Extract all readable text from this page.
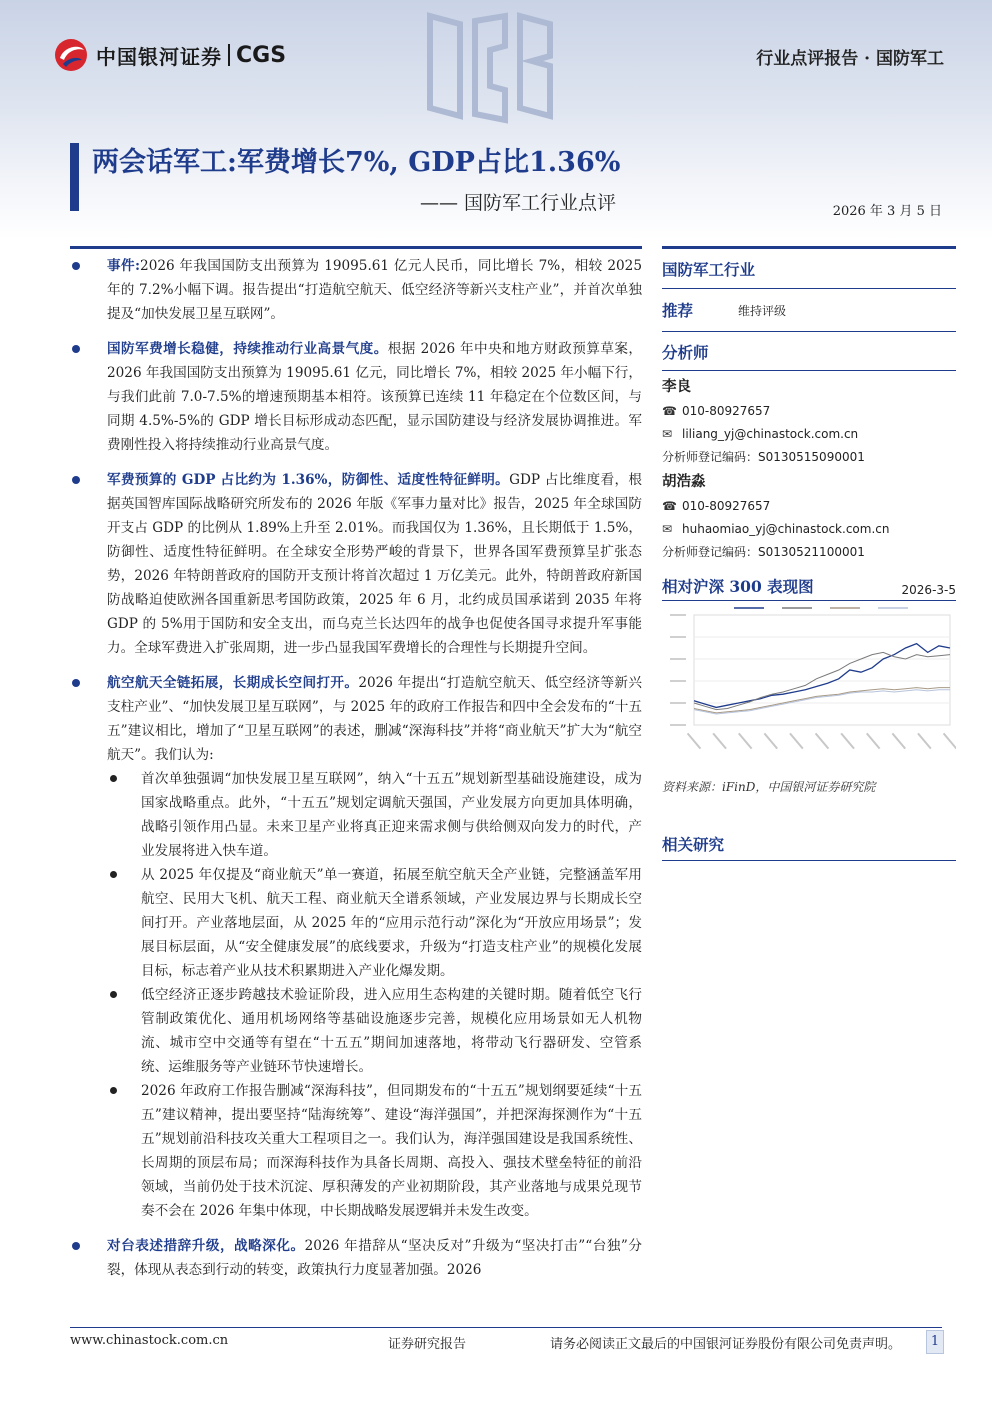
中国银河证券 CGS	行业点评报告 · 国防军工
两会话军工:军费增长7%, GDP占比1.36%
—— 国防军工行业点评	2026 年 3 月 5 日
事件:2026 年我国国防支出预算为 19095.61 亿元人民币，同比增长 7%，相较 2025 年的 7.2%小幅下调。报告提出“打造航空航天、低空经济等新兴支柱产业”，并首次单独提及“加快发展卫星互联网”。
国防军费增长稳健，持续推动行业高景气度。根据 2026 年中央和地方财政预算草案，2026 年我国国防支出预算为 19095.61 亿元，同比增长 7%，相较 2025 年小幅下行，与我们此前 7.0-7.5%的增速预期基本相符。该预算已连续 11 年稳定在个位数区间，与同期 4.5%-5%的 GDP 增长目标形成动态匹配，显示国防建设与经济发展协调推进。军费刚性投入将持续推动行业高景气度。
军费预算的 GDP 占比约为 1.36%，防御性、适度性特征鲜明。GDP 占比维度看，根据英国智库国际战略研究所发布的 2026 年版《军事力量对比》报告，2025 年全球国防开支占 GDP 的比例从 1.89%上升至 2.01%。而我国仅为 1.36%，且长期低于 1.5%，防御性、适度性特征鲜明。在全球安全形势严峻的背景下，世界各国军费预算呈扩张态势，2026 年特朗普政府的国防开支预计将首次超过 1 万亿美元。此外，特朗普政府新国防战略迫使欧洲各国重新思考国防政策，2025 年 6 月，北约成员国承诺到 2035 年将 GDP 的 5%用于国防和安全支出，而乌克兰长达四年的战争也促使各国寻求提升军事能力。全球军费进入扩张周期，进一步凸显我国军费增长的合理性与长期提升空间。
航空航天全链拓展，长期成长空间打开。2026 年提出“打造航空航天、低空经济等新兴支柱产业”、“加快发展卫星互联网”，与 2025 年的政府工作报告和四中全会发布的“十五五”建议相比，增加了“卫星互联网”的表述，删减“深海科技”并将“商业航天”扩大为“航空航天”。我们认为:
首次单独强调“加快发展卫星互联网”，纳入“十五五”规划新型基础设施建设，成为国家战略重点。此外，“十五五”规划定调航天强国，产业发展方向更加具体明确，战略引领作用凸显。未来卫星产业将真正迎来需求侧与供给侧双向发力的时代，产业发展将进入快车道。
从 2025 年仅提及“商业航天”单一赛道，拓展至航空航天全产业链，完整涵盖军用航空、民用大飞机、航天工程、商业航天全谱系领域，产业发展边界与长期成长空间打开。产业落地层面，从 2025 年的“应用示范行动”深化为“开放应用场景”；发展目标层面，从“安全健康发展”的底线要求，升级为“打造支柱产业”的规模化发展目标，标志着产业从技术积累期进入产业化爆发期。
低空经济正逐步跨越技术验证阶段，进入应用生态构建的关键时期。随着低空飞行管制政策优化、通用机场网络等基础设施逐步完善，规模化应用场景如无人机物流、城市空中交通等有望在“十五五”期间加速落地，将带动飞行器研发、空管系统、运维服务等产业链环节快速增长。
2026 年政府工作报告删减“深海科技”，但同期发布的“十五五”规划纲要延续“十五五”建议精神，提出要坚持“陆海统筹”、建设“海洋强国”，并把深海探测作为“十五五”规划前沿科技攻关重大工程项目之一。我们认为，海洋强国建设是我国系统性、长周期的顶层布局；而深海科技作为具备长周期、高投入、强技术壁垒特征的前沿领域，当前仍处于技术沉淀、厚积薄发的产业初期阶段，其产业落地与成果兑现节奏不会在 2026 年集中体现，中长期战略发展逻辑并未发生改变。
对台表述措辞升级，战略深化。2026 年措辞从“坚决反对”升级为“坚决打击”“台独”分裂，体现从表态到行动的转变，政策执行力度显著加强。2026
国防军工行业
推荐	维持评级
分析师
李良
☎ 010-80927657
✉ liliang_yj@chinastock.com.cn
分析师登记编码：S0130515090001
胡浩淼
☎ 010-80927657
✉ huhaomiao_yj@chinastock.com.cn
分析师登记编码：S0130521100001
相对沪深 300 表现图	2026-3-5
资料来源：iFinD，中国银河证券研究院
相关研究
www.chinastock.com.cn	证券研究报告	请务必阅读正文最后的中国银河证券股份有限公司免责声明。	1
